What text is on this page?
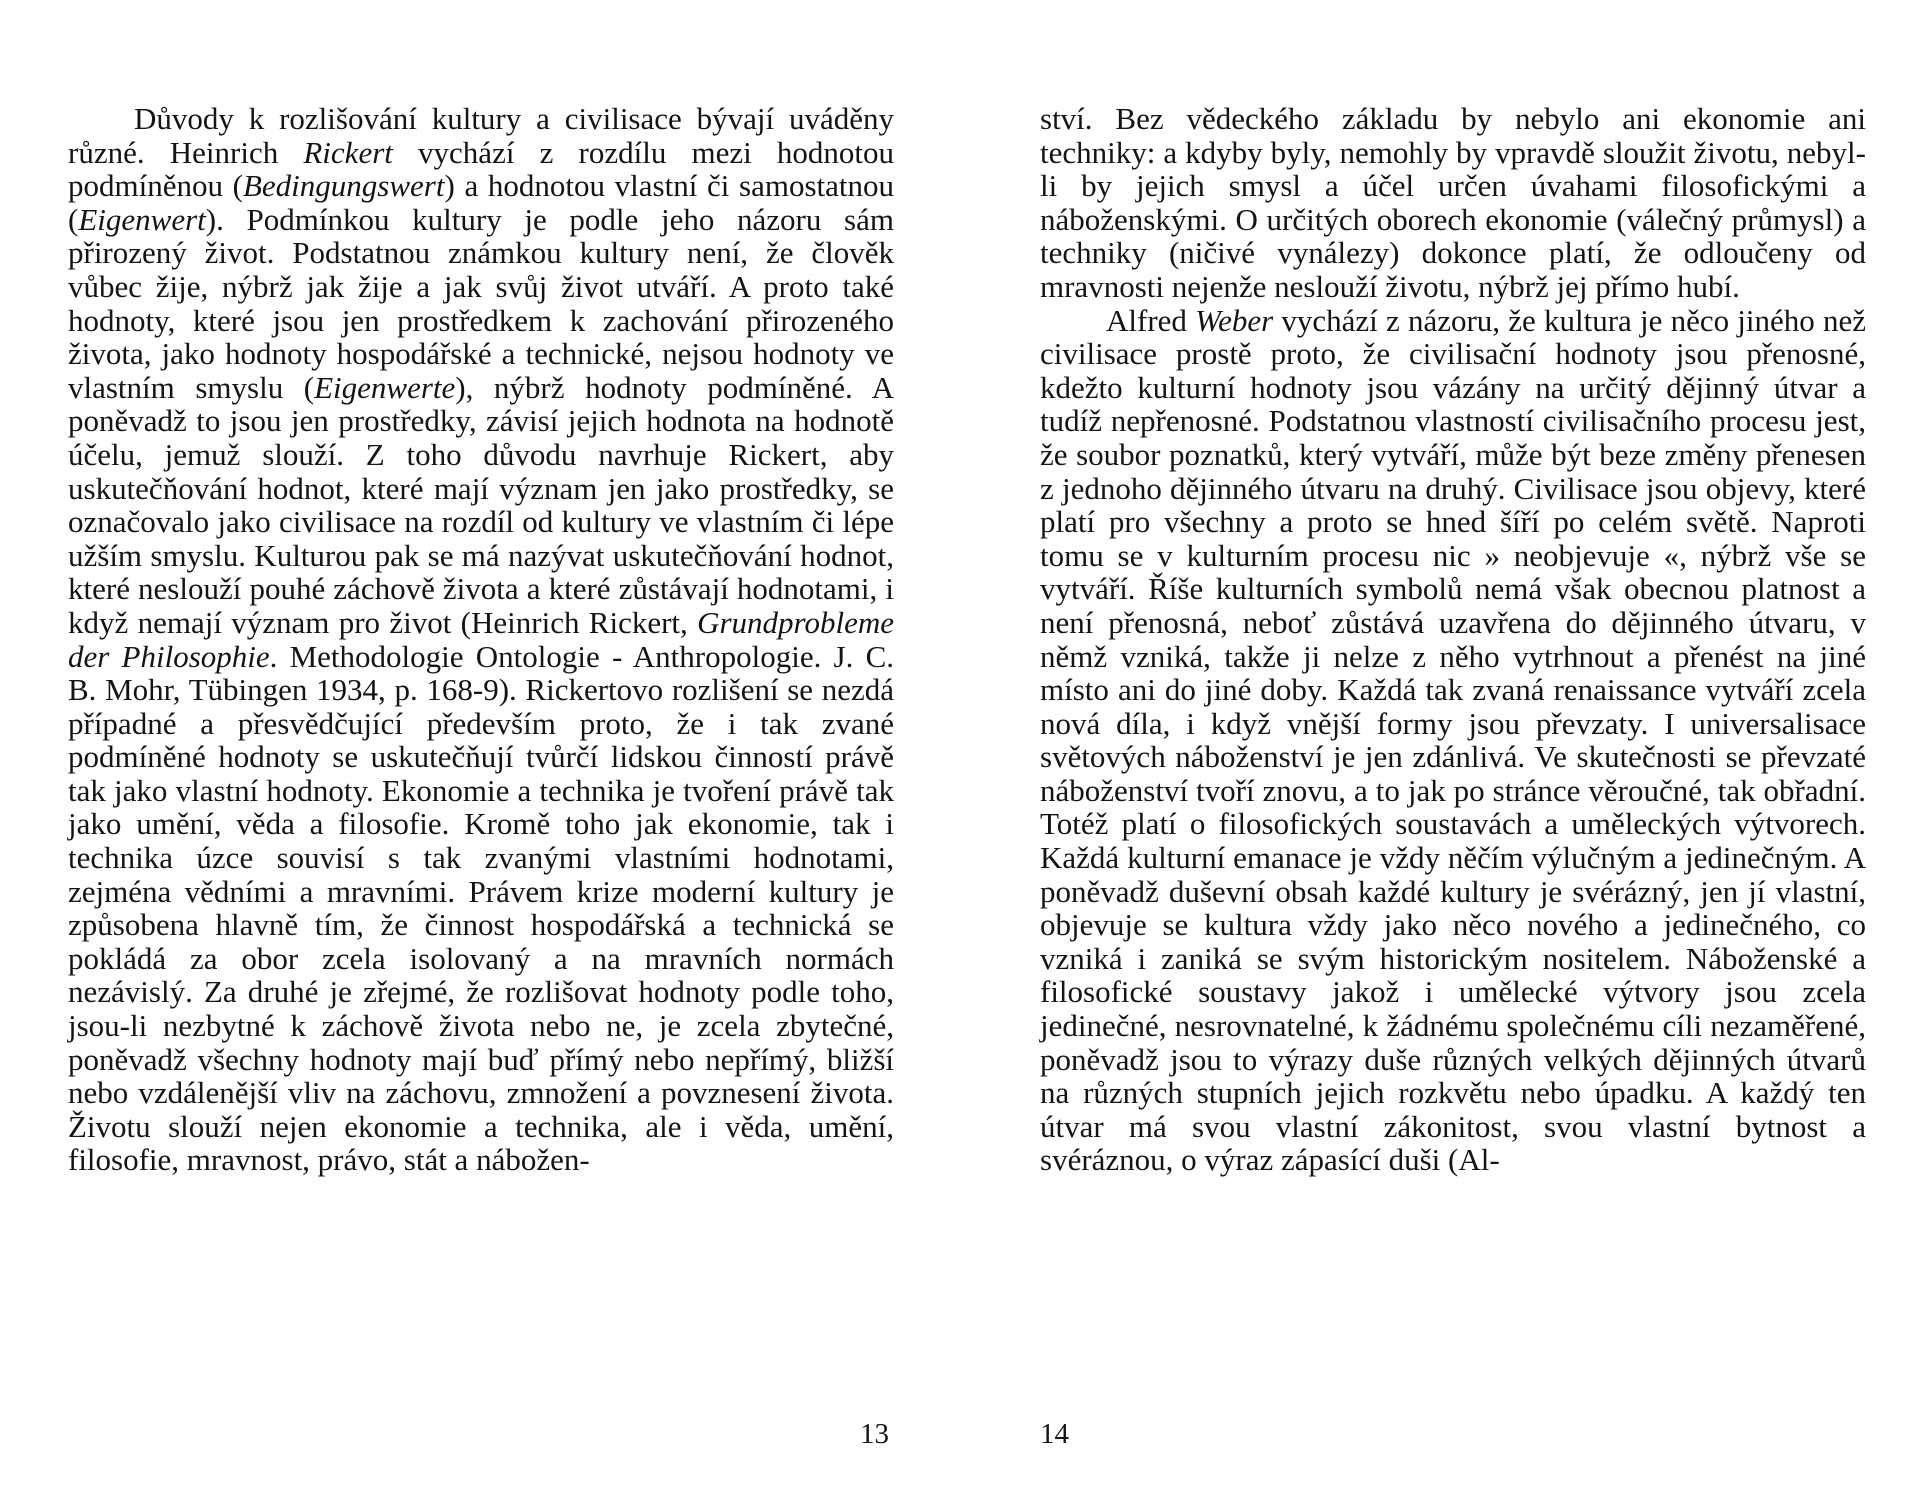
Důvody k rozlišování kultury a civilisace bývají uváděny různé. Heinrich Rickert vychází z rozdílu mezi hodnotou podmíněnou (Bedingungswert) a hodnotou vlastní či samostatnou (Eigenwert). Podmínkou kultury je podle jeho názoru sám přirozený život. Podstatnou známkou kultury není, že člověk vůbec žije, nýbrž jak žije a jak svůj život utváří. A proto také hodnoty, které jsou jen prostředkem k zachování přirozeného života, jako hodnoty hospodářské a technické, nejsou hodnoty ve vlastním smyslu (Eigenwerte), nýbrž hodnoty podmíněné. A poněvadž to jsou jen prostředky, závisí jejich hodnota na hodnotě účelu, jemuž slouží. Z toho důvodu navrhuje Rickert, aby uskutečňování hodnot, které mají význam jen jako prostředky, se označovalo jako civilisace na rozdíl od kultury ve vlastním či lépe užším smyslu. Kulturou pak se má nazývat uskutečňování hodnot, které neslouží pouhé záchově života a které zůstávají hodnotami, i když nemají význam pro život (Heinrich Rickert, Grundprobleme der Philosophie. Methodologie Ontologie - Anthropologie. J. C. B. Mohr, Tübingen 1934, p. 168-9). Rickertovo rozlišení se nezdá případné a přesvědčující především proto, že i tak zvané podmíněné hodnoty se uskutečňují tvůrčí lidskou činností právě tak jako vlastní hodnoty. Ekonomie a technika je tvoření právě tak jako umění, věda a filosofie. Kromě toho jak ekonomie, tak i technika úzce souvisí s tak zvanými vlastními hodnotami, zejména vědními a mravními. Právem krize moderní kultury je způsobena hlavně tím, že činnost hospodářská a technická se pokládá za obor zcela isolovaný a na mravních normách nezávislý. Za druhé je zřejmé, že rozlišovat hodnoty podle toho, jsou-li nezbytné k záchově života nebo ne, je zcela zbytečné, poněvadž všechny hodnoty mají buď přímý nebo nepřímý, bližší nebo vzdálenější vliv na záchovu, zmnožení a povznesení života. Životu slouží nejen ekonomie a technika, ale i věda, umění, filosofie, mravnost, právo, stát a nábožen-

13

ství. Bez vědeckého základu by nebylo ani ekonomie ani techniky: a kdyby byly, nemohly by vpravdě sloužit životu, nebyl-li by jejich smysl a účel určen úvahami filosofickými a náboženskými. O určitých oborech ekonomie (válečný průmysl) a techniky (ničivé vynálezy) dokonce platí, že odloučeny od mravnosti nejenže neslouží životu, nýbrž jej přímo hubí.

Alfred Weber vychází z názoru, že kultura je něco jiného než civilisace prostě proto, že civilisační hodnoty jsou přenosné, kdežto kulturní hodnoty jsou vázány na určitý dějinný útvar a tudíž nepřenosné. Podstatnou vlastností civilisačního procesu jest, že soubor poznatků, který vytváří, může být beze změny přenesen z jednoho dějinného útvaru na druhý. Civilisace jsou objevy, které platí pro všechny a proto se hned šíří po celém světě. Naproti tomu se v kulturním procesu nic » neobjevuje «, nýbrž vše se vytváří. Říše kulturních symbolů nemá však obecnou platnost a není přenosná, neboť zůstává uzavřena do dějinného útvaru, v němž vzniká, takže ji nelze z něho vytrhnout a přenést na jiné místo ani do jiné doby. Každá tak zvaná renaissance vytváří zcela nová díla, i když vnější formy jsou převzaty. I universalisace světových náboženství je jen zdánlivá. Ve skutečnosti se převzaté náboženství tvoří znovu, a to jak po stránce věroučné, tak obřadní. Totéž platí o filosofických soustavách a uměleckých výtvorech. Každá kulturní emanace je vždy něčím výlučným a jedinečným. A poněvadž duševní obsah každé kultury je svérázný, jen jí vlastní, objevuje se kultura vždy jako něco nového a jedinečného, co vzniká i zaniká se svým historickým nositelem. Náboženské a filosofické soustavy jakož i umělecké výtvory jsou zcela jedinečné, nesrovnatelné, k žádnému společnému cíli nezaměřené, poněvadž jsou to výrazy duše různých velkých dějinných útvarů na různých stupních jejich rozkvětu nebo úpadku. A každý ten útvar má svou vlastní zákonitost, svou vlastní bytnost a svéráznou, o výraz zápasící duši (Al-

14
